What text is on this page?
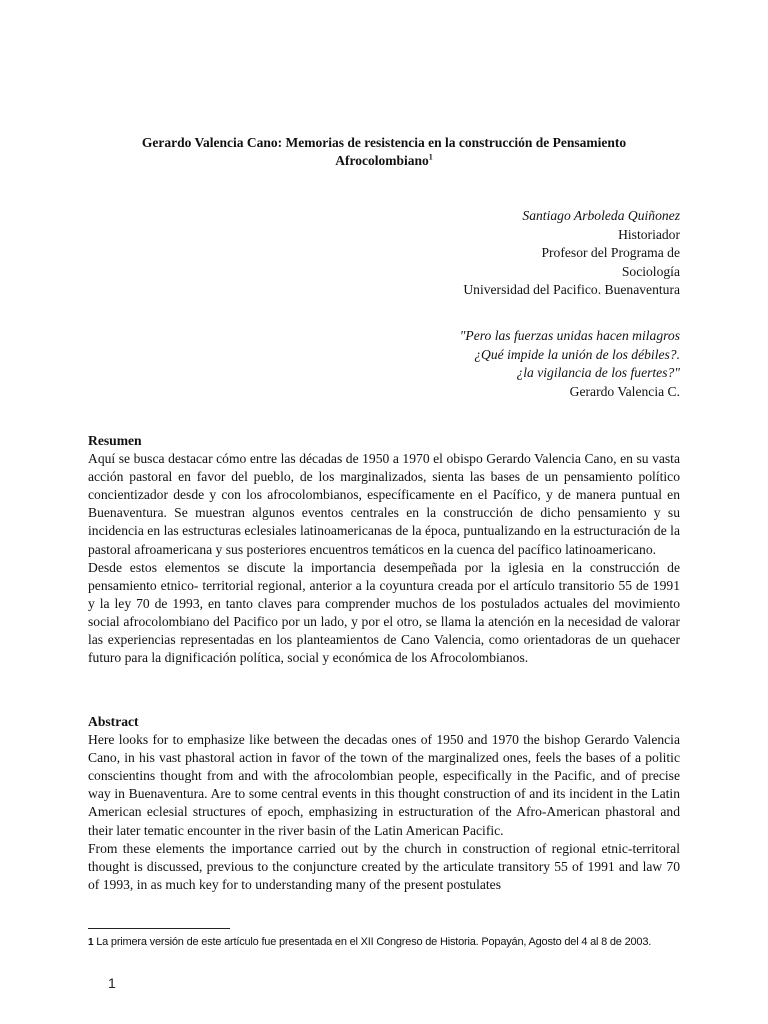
Gerardo Valencia Cano: Memorias de resistencia en la construcción de Pensamiento Afrocolombiano$^1$
Santiago Arboleda Quiñonez
Historiador
Profesor del Programa de
Sociología
Universidad del Pacifico. Buenaventura
"Pero las fuerzas unidas hacen milagros
¿Qué impide la unión de los débiles?.
¿la vigilancia de los fuertes?"
Gerardo Valencia C.

Resumen

Aquí se busca destacar cómo entre las décadas de 1950 a 1970 el obispo Gerardo Valencia Cano, en su vasta acción pastoral en favor del pueblo, de los marginalizados, sienta las bases de un pensamiento político concientizador desde y con los afrocolombianos, específicamente en el Pacífico, y de manera puntual en Buenaventura. Se muestran algunos eventos centrales en la construcción de dicho pensamiento y su incidencia en las estructuras eclesiales latinoamericanas de la época, puntualizando en la estructuración de la pastoral afroamericana y sus posteriores encuentros temáticos en la cuenca del pacífico latinoamericano.

Desde estos elementos se discute la importancia desempeñada por la iglesia en la construcción de pensamiento etnico- territorial regional, anterior a la coyuntura creada por el artículo transitorio 55 de 1991 y la ley 70 de 1993, en tanto claves para comprender muchos de los postulados actuales del movimiento social afrocolombiano del Pacifico por un lado, y por el otro, se llama la atención en la necesidad de valorar las experiencias representadas en los planteamientos de Cano Valencia, como orientadoras de un quehacer futuro para la dignificación política, social y económica de los Afrocolombianos.

Abstract

Here looks for to emphasize like between the decadas ones of 1950 and 1970 the bishop Gerardo Valencia Cano, in his vast phastoral action in favor of the town of the marginalized ones, feels the bases of a politic conscientins thought from and with the afrocolombian people, especifically in the Pacific, and of precise way in Buenaventura. Are to some central events in this thought construction of and its incident in the Latin American eclesial structures of epoch, emphasizing in estructuration of the Afro-American phastoral and their later tematic encounter in the river basin of the Latin American Pacific.

From these elements the importance carried out by the church in construction of regional etnic-territoral thought is discussed, previous to the conjuncture created by the articulate transitory 55 of 1991 and law 70 of 1993, in as much key for to understanding many of the present postulates

1 La primera versión de este artículo fue presentada en el XII Congreso de Historia. Popayán, Agosto del 4 al 8 de 2003.
1
